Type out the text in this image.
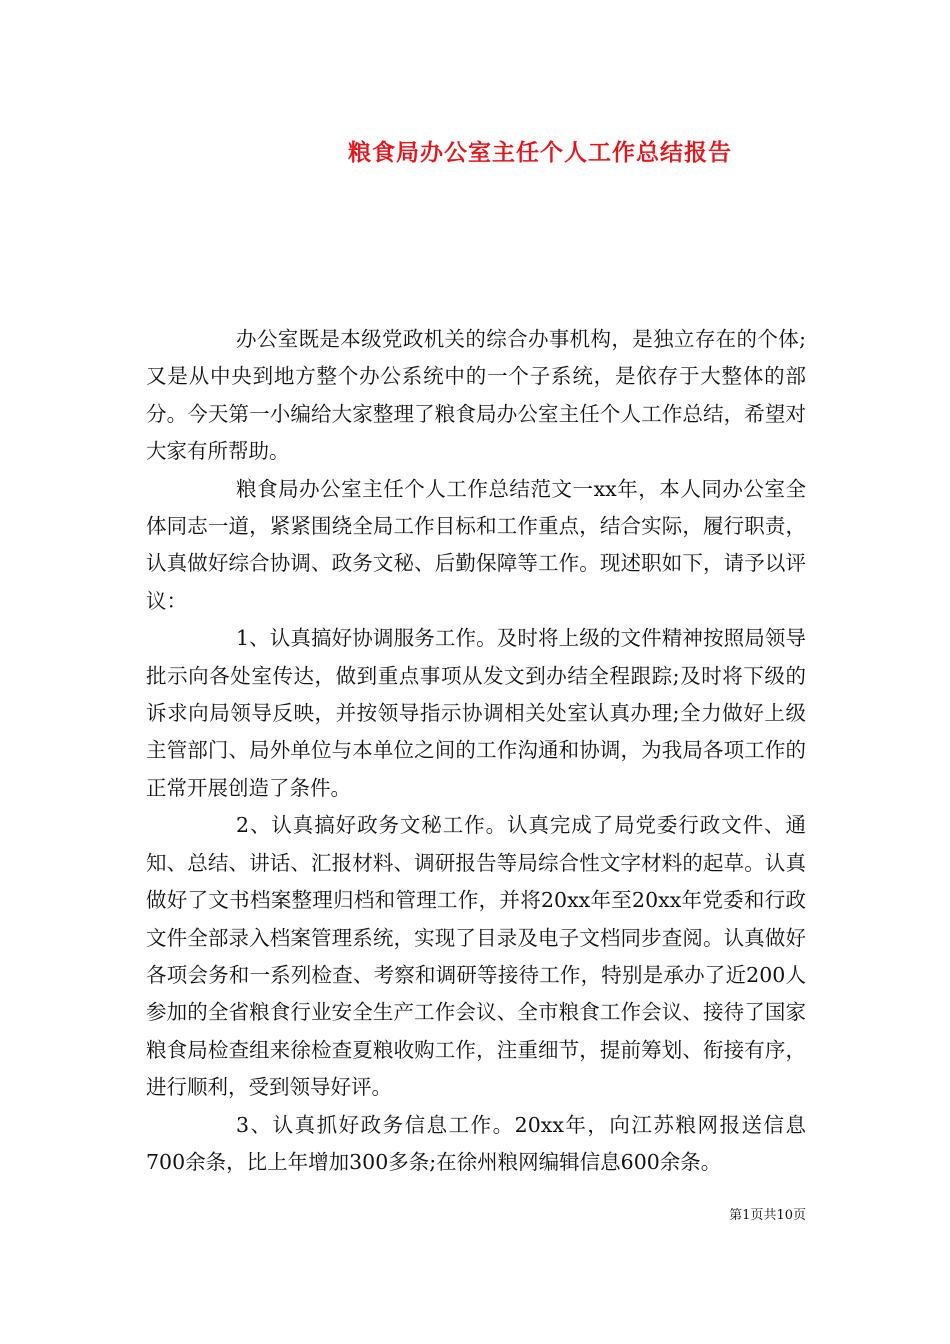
粮食局办公室主任个人工作总结报告

办公室既是本级党政机关的综合办事机构，是独立存在的个体;又是从中央到地方整个办公系统中的一个子系统，是依存于大整体的部分。今天第一小编给大家整理了粮食局办公室主任个人工作总结，希望对大家有所帮助。

粮食局办公室主任个人工作总结范文一xx年，本人同办公室全体同志一道，紧紧围绕全局工作目标和工作重点，结合实际，履行职责，认真做好综合协调、政务文秘、后勤保障等工作。现述职如下，请予以评议：

1、认真搞好协调服务工作。及时将上级的文件精神按照局领导批示向各处室传达，做到重点事项从发文到办结全程跟踪;及时将下级的诉求向局领导反映，并按领导指示协调相关处室认真办理;全力做好上级主管部门、局外单位与本单位之间的工作沟通和协调，为我局各项工作的正常开展创造了条件。

2、认真搞好政务文秘工作。认真完成了局党委行政文件、通知、总结、讲话、汇报材料、调研报告等局综合性文字材料的起草。认真做好了文书档案整理归档和管理工作，并将20xx年至20xx年党委和行政文件全部录入档案管理系统，实现了目录及电子文档同步查阅。认真做好各项会务和一系列检查、考察和调研等接待工作，特别是承办了近200人参加的全省粮食行业安全生产工作会议、全市粮食工作会议、接待了国家粮食局检查组来徐检查夏粮收购工作，注重细节，提前筹划、衔接有序，进行顺利，受到领导好评。

3、认真抓好政务信息工作。20xx年，向江苏粮网报送信息700余条，比上年增加300多条;在徐州粮网编辑信息600余条。

第1页共10页
